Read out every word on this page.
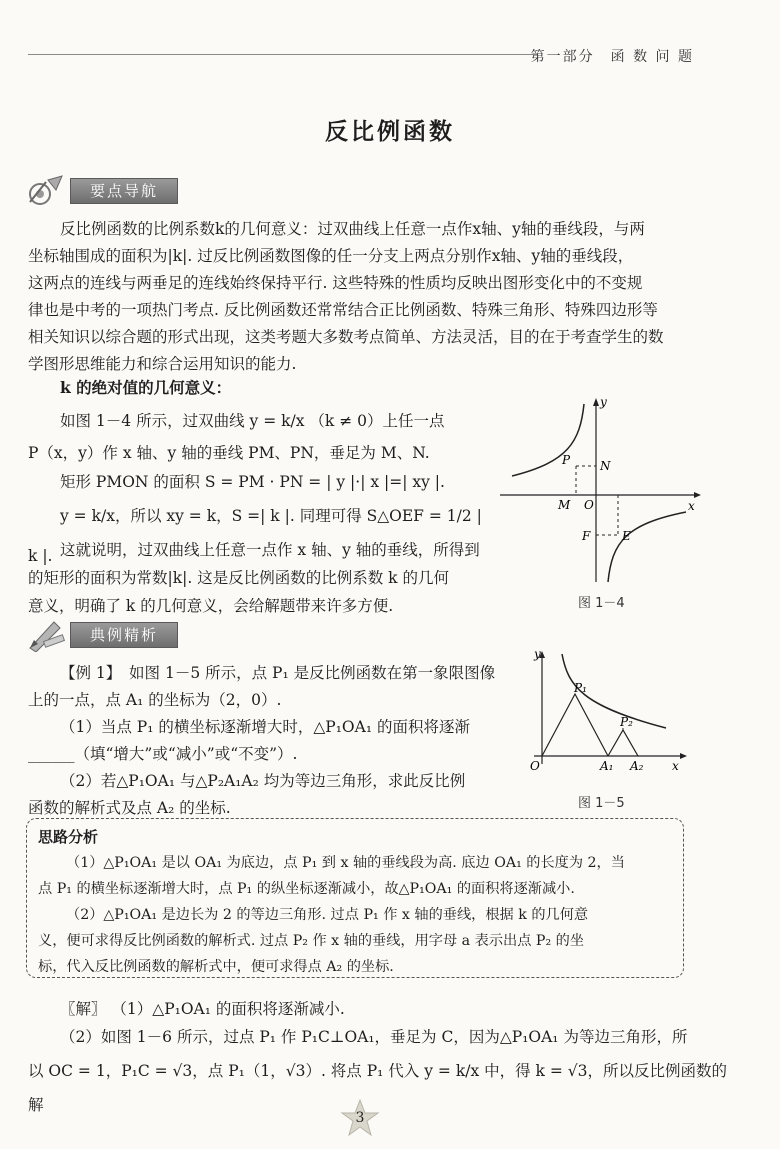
第一部分　函 数 问 题
反比例函数
要点导航
反比例函数的比例系数k的几何意义：过双曲线上任意一点作x轴、y轴的垂线段，与两
坐标轴围成的面积为|k|. 过反比例函数图像的任一分支上两点分别作x轴、y轴的垂线段，
这两点的连线与两垂足的连线始终保持平行. 这些特殊的性质均反映出图形变化中的不变规
律也是中考的一项热门考点. 反比例函数还常常结合正比例函数、特殊三角形、特殊四边形等
相关知识以综合题的形式出现，这类考题大多数考点简单、方法灵活，目的在于考查学生的数
学图形思维能力和综合运用知识的能力.
k 的绝对值的几何意义：
如图 1－4 所示，过双曲线 y = k/x （k ≠ 0）上任一点
P（x，y）作 x 轴、y 轴的垂线 PM、PN，垂足为 M、N.
矩形 PMON 的面积 S = PM · PN = | y |·| x |=| xy |.
y = k/x，所以 xy = k，S =| k |. 同理可得 S△OEF = 1/2 | k |. 这就说明，过双曲线上任意一点作 x 轴、y 轴的垂线，所得到
的矩形的面积为常数|k|. 这是反比例函数的比例系数 k 的几何
意义，明确了 k 的几何意义，会给解题带来许多方便.
y
x
O
P N
M
F	E
图 1－4
典例精析
【例 1】　如图 1－5 所示，点 P₁ 是反比例函数在第一象限图像
上的一点，点 A₁ 的坐标为（2，0）.
（1）当点 P₁ 的横坐标逐渐增大时，△P₁OA₁ 的面积将逐渐
______（填“增大”或“减小”或“不变”）.
（2）若△P₁OA₁ 与△P₂A₁A₂ 均为等边三角形，求此反比例
函数的解析式及点 A₂ 的坐标.
y
x
O
P₁
P₂
A₁ A₂
图 1－5
思路分析
（1）△P₁OA₁ 是以 OA₁ 为底边，点 P₁ 到 x 轴的垂线段为高. 底边 OA₁ 的长度为 2，当
点 P₁ 的横坐标逐渐增大时，点 P₁ 的纵坐标逐渐减小，故△P₁OA₁ 的面积将逐渐减小.
（2）△P₁OA₁ 是边长为 2 的等边三角形. 过点 P₁ 作 x 轴的垂线，根据 k 的几何意
义，便可求得反比例函数的解析式. 过点 P₂ 作 x 轴的垂线，用字母 a 表示出点 P₂ 的坐
标，代入反比例函数的解析式中，便可求得点 A₂ 的坐标.
〖解〗 （1）△P₁OA₁ 的面积将逐渐减小.
（2）如图 1－6 所示，过点 P₁ 作 P₁C⊥OA₁，垂足为 C，因为△P₁OA₁ 为等边三角形，所
以 OC = 1，P₁C = √3，点 P₁（1，√3）. 将点 P₁ 代入 y = k/x 中，得 k = √3，所以反比例函数的解
3
